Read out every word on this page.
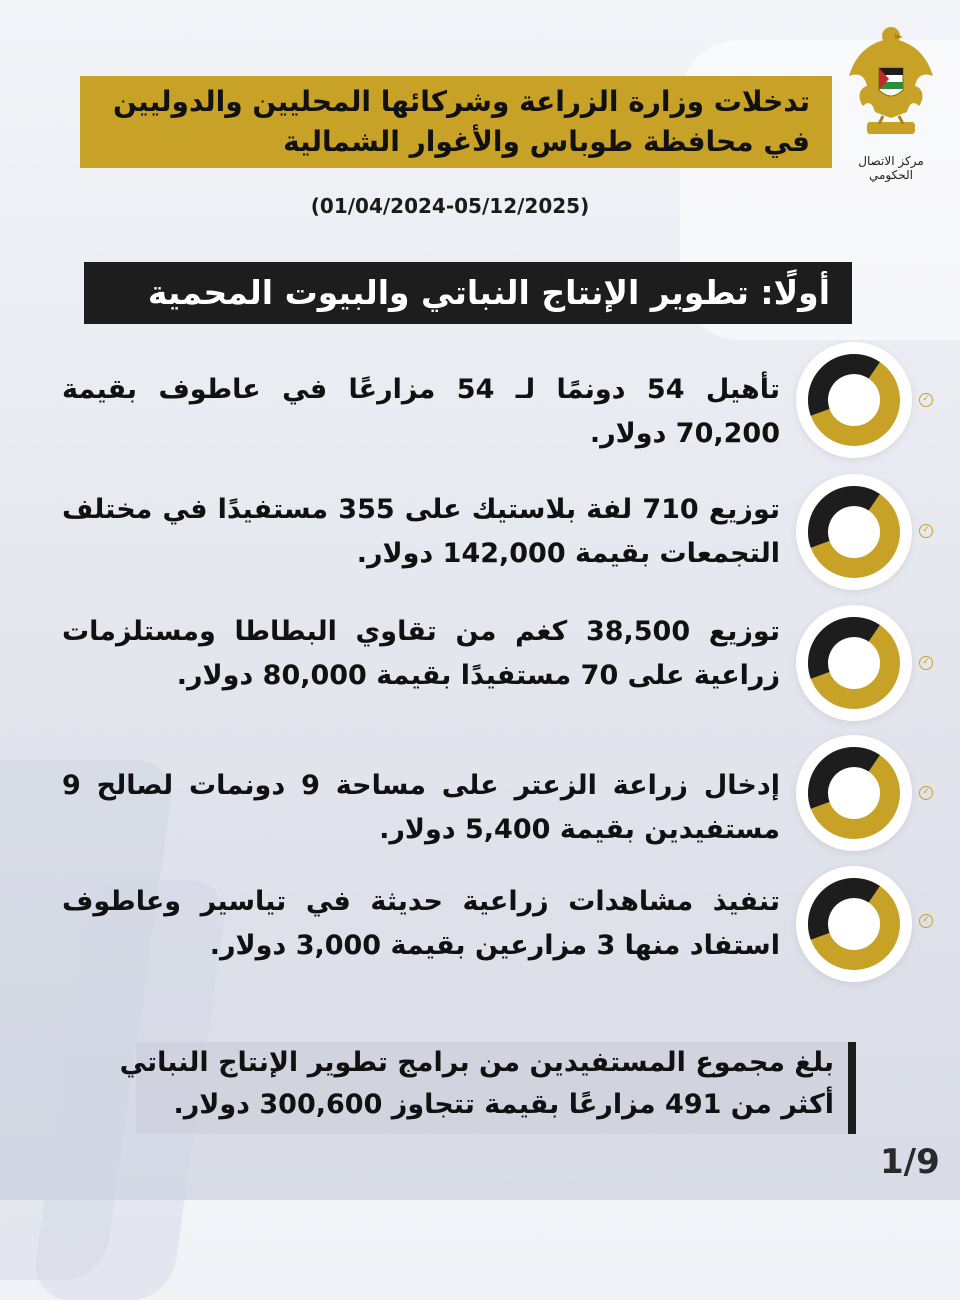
مركز الاتصال الحكومي
تدخلات وزارة الزراعة وشركائها المحليين والدوليين
في محافظة طوباس والأغوار الشمالية
(01/04/2024-05/12/2025)
أولًا: تطوير الإنتاج النباتي والبيوت المحمية
تأهيل 54 دونمًا لـ 54 مزارعًا في عاطوف بقيمة 70,200 دولار.
✓
توزيع 710 لفة بلاستيك على 355 مستفيدًا في مختلف التجمعات بقيمة 142,000 دولار.
✓
توزيع 38,500 كغم من تقاوي البطاطا ومستلزمات زراعية على 70 مستفيدًا بقيمة 80,000 دولار.	✓
إدخال زراعة الزعتر على مساحة 9 دونمات لصالح 9 مستفيدين بقيمة 5,400 دولار.
✓
تنفيذ مشاهدات زراعية حديثة في تياسير وعاطوف استفاد منها 3 مزارعين بقيمة 3,000 دولار.
✓
بلغ مجموع المستفيدين من برامج تطوير الإنتاج النباتي
أكثر من 491 مزارعًا بقيمة تتجاوز 300,600 دولار.
1/9
